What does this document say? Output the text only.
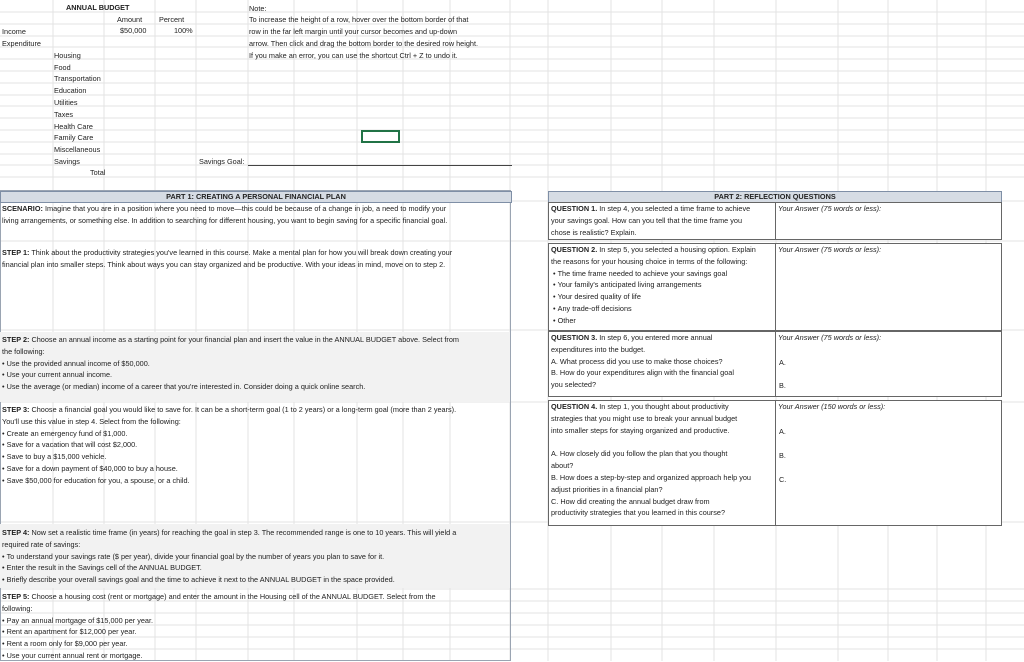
ANNUAL BUDGET
Amount Percent
Income	$50,000	100%
Expenditure
Housing
Food
Transportation
Education
Utilities
Taxes
Health Care
Family Care
Miscellaneous
Savings
Total
Savings Goal:
Note:
To increase the height of a row, hover over the bottom border of that
row in the far left margin until your cursor becomes and up-down
arrow. Then click and drag the bottom border to the desired row height.
If you make an error, you can use the shortcut Ctrl + Z to undo it.
PART 1: CREATING A PERSONAL FINANCIAL PLAN
SCENARIO: Imagine that you are in a position where you need to move—this could be because of a change in job, a need to modify your
living arrangements, or something else. In addition to searching for different housing, you want to begin saving for a specific financial goal.
STEP 1: Think about the productivity strategies you've learned in this course. Make a mental plan for how you will break down creating your
financial plan into smaller steps. Think about ways you can stay organized and be productive. With your ideas in mind, move on to step 2.
STEP 2: Choose an annual income as a starting point for your financial plan and insert the value in the ANNUAL BUDGET above. Select from
the following:
• Use the provided annual income of $50,000.
• Use your current annual income.
• Use the average (or median) income of a career that you're interested in. Consider doing a quick online search.
STEP 3: Choose a financial goal you would like to save for. It can be a short-term goal (1 to 2 years) or a long-term goal (more than 2 years).
You'll use this value in step 4. Select from the following:
• Create an emergency fund of $1,000.
• Save for a vacation that will cost $2,000.
• Save to buy a $15,000 vehicle.
• Save for a down payment of $40,000 to buy a house.
• Save $50,000 for education for you, a spouse, or a child.
STEP 4: Now set a realistic time frame (in years) for reaching the goal in step 3. The recommended range is one to 10 years. This will yield a
required rate of savings:
• To understand your savings rate ($ per year), divide your financial goal by the number of years you plan to save for it.
• Enter the result in the Savings cell of the ANNUAL BUDGET.
• Briefly describe your overall savings goal and the time to achieve it next to the ANNUAL BUDGET in the space provided.
STEP 5: Choose a housing cost (rent or mortgage) and enter the amount in the Housing cell of the ANNUAL BUDGET. Select from the
following:
• Pay an annual mortgage of $15,000 per year.
• Rent an apartment for $12,000 per year.
• Rent a room only for $9,000 per year.
• Use your current annual rent or mortgage.
PART 2: REFLECTION QUESTIONS
QUESTION 1. In step 4, you selected a time frame to achieve
your savings goal. How can you tell that the time frame you
chose is realistic? Explain.
Your Answer (75 words or less):
QUESTION 2. In step 5, you selected a housing option. Explain
the reasons for your housing choice in terms of the following:
• The time frame needed to achieve your savings goal
• Your family's anticipated living arrangements
• Your desired quality of life
• Any trade-off decisions
• Other
Your Answer (75 words or less):
QUESTION 3. In step 6, you entered more annual
expenditures into the budget.
A. What process did you use to make those choices?
B. How do your expenditures align with the financial goal
you selected?
Your Answer (75 words or less):
A.
B.
QUESTION 4. In step 1, you thought about productivity
strategies that you might use to break your annual budget
into smaller steps for staying organized and productive.
A. How closely did you follow the plan that you thought
about?
B. How does a step-by-step and organized approach help you
adjust priorities in a financial plan?
C. How did creating the annual budget draw from
productivity strategies that you learned in this course?
Your Answer (150 words or less):
A.
B.
C.
